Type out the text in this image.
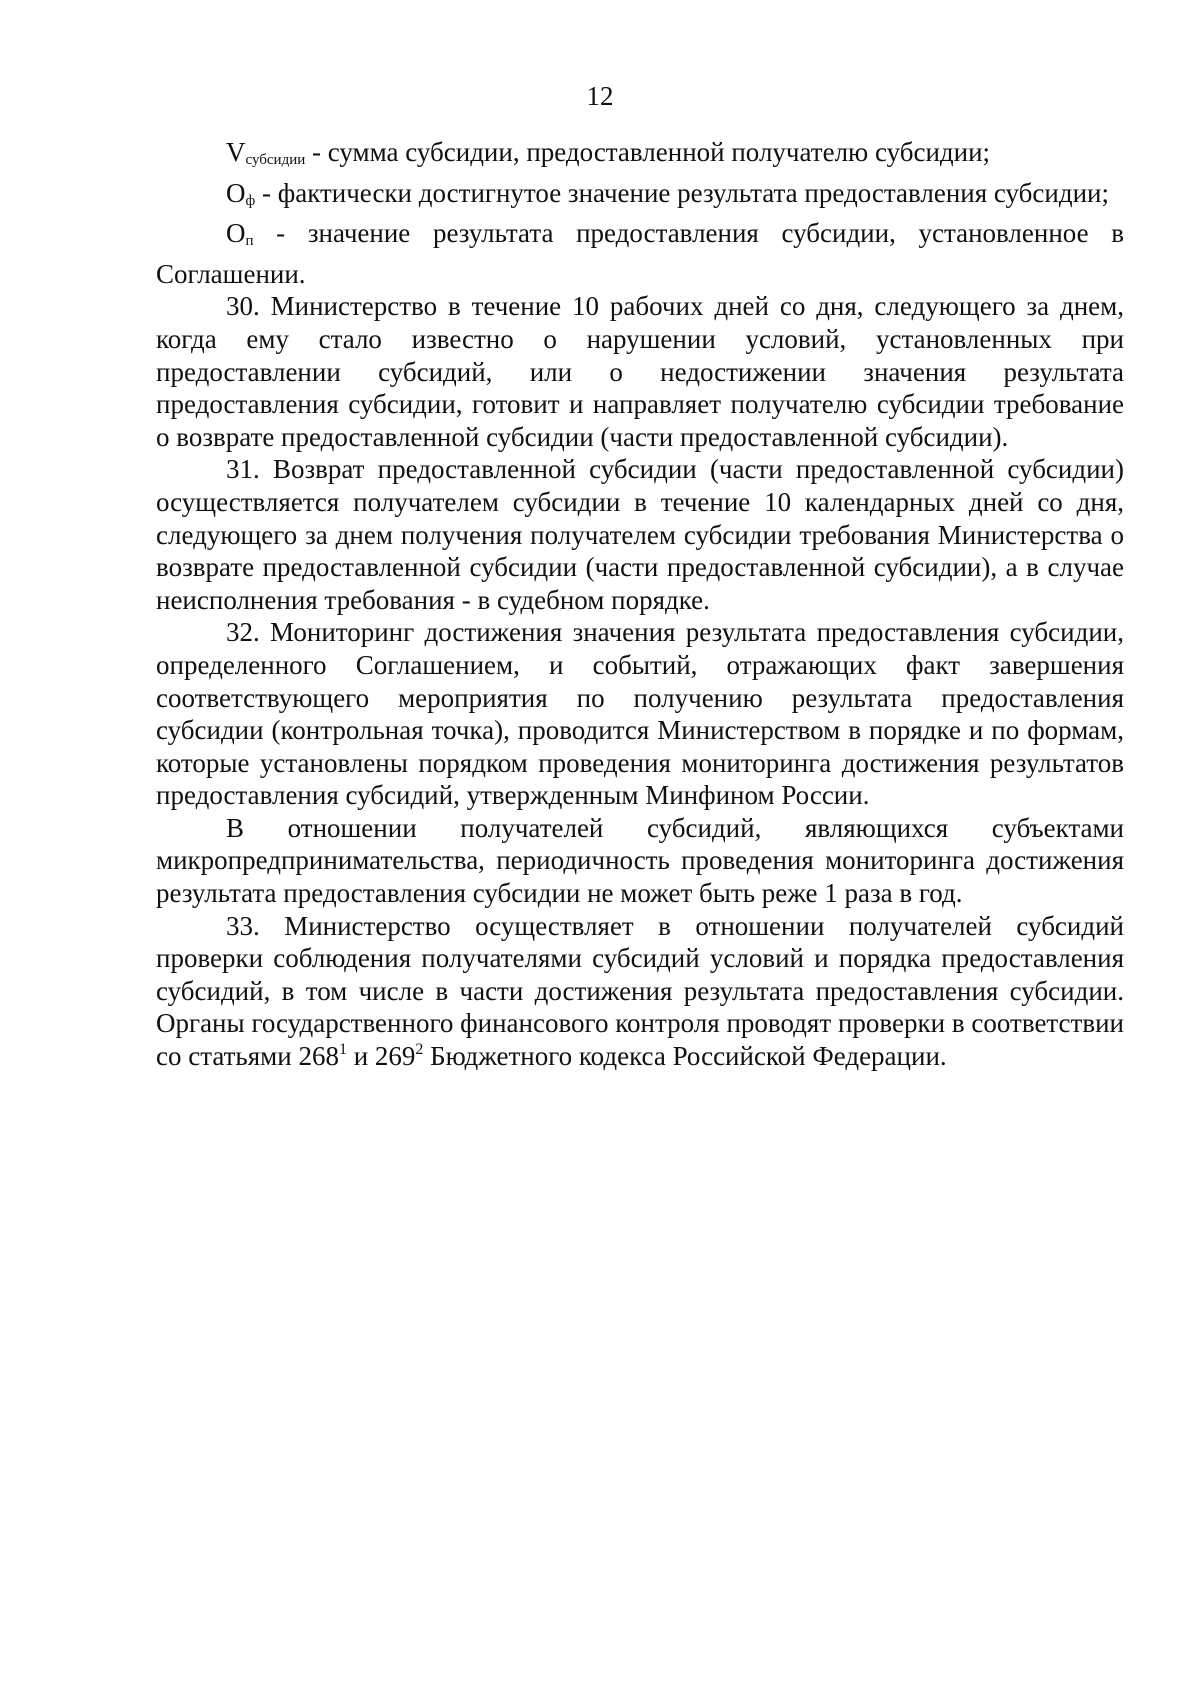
12

$V_{субсидии}$ - сумма субсидии, предоставленной получателю субсидии;

$О_ф$ - фактически достигнутое значение результата предоставления субсидии;

$О_п$ - значение результата предоставления субсидии, установленное в Соглашении.

30. Министерство в течение 10 рабочих дней со дня, следующего за днем, когда ему стало известно о нарушении условий, установленных при предоставлении субсидий, или о недостижении значения результата предоставления субсидии, готовит и направляет получателю субсидии требование о возврате предоставленной субсидии (части предоставленной субсидии).

31. Возврат предоставленной субсидии (части предоставленной субсидии) осуществляется получателем субсидии в течение 10 календарных дней со дня, следующего за днем получения получателем субсидии требования Министерства о возврате предоставленной субсидии (части предоставленной субсидии), а в случае неисполнения требования - в судебном порядке.

32. Мониторинг достижения значения результата предоставления субсидии, определенного Соглашением, и событий, отражающих факт завершения соответствующего мероприятия по получению результата предоставления субсидии (контрольная точка), проводится Министерством в порядке и по формам, которые установлены порядком проведения мониторинга достижения результатов предоставления субсидий, утвержденным Минфином России.

В отношении получателей субсидий, являющихся субъектами микропредпринимательства, периодичность проведения мониторинга достижения результата предоставления субсидии не может быть реже 1 раза в год.

33. Министерство осуществляет в отношении получателей субсидий проверки соблюдения получателями субсидий условий и порядка предоставления субсидий, в том числе в части достижения результата предоставления субсидии. Органы государственного финансового контроля проводят проверки в соответствии со статьями $268^1$ и $269^2$ Бюджетного кодекса Российской Федерации.
